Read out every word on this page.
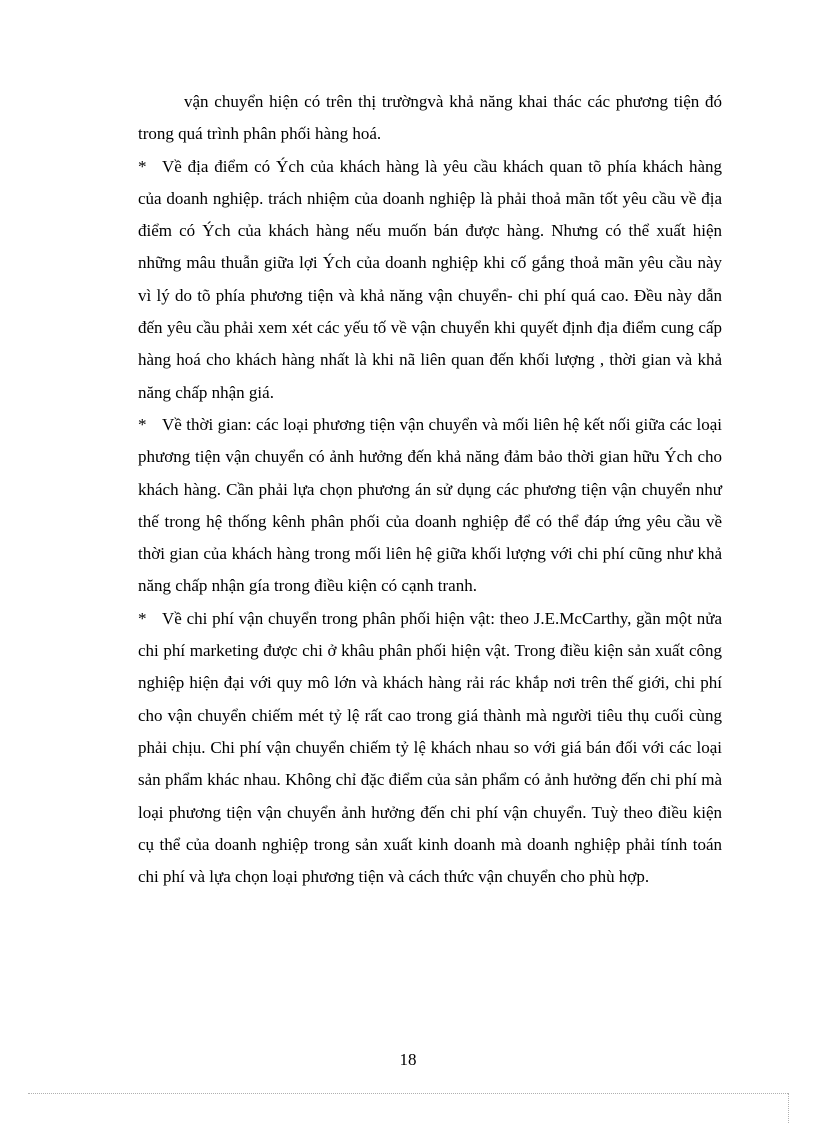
vận chuyển hiện có trên thị trườngvà khả năng khai thác các phương tiện đó trong quá trình phân phối hàng hoá.

* Về địa điểm có Ých của khách hàng là yêu cầu khách quan tõ phía khách hàng của doanh nghiệp. trách nhiệm của doanh nghiệp là phải thoả mãn tốt yêu cầu về địa điểm có Ých của khách hàng nếu muốn bán được hàng. Nhưng có thể xuất hiện những mâu thuẫn giữa lợi Ých của doanh nghiệp khi cố gắng thoả mãn yêu cầu này vì lý do tõ phía phương tiện và khả năng vận chuyển- chi phí quá cao. Đều này dẫn đến yêu cầu phải xem xét các yếu tố về vận chuyển khi quyết định địa điểm cung cấp hàng hoá cho khách hàng nhất là khi nã liên quan đến khối lượng , thời gian và khả năng chấp nhận giá.

* Về thời gian: các loại phương tiện vận chuyển và mối liên hệ kết nối giữa các loại phương tiện vận chuyển có ảnh hưởng đến khả năng đảm bảo thời gian hữu Ých cho khách hàng. Cần phải lựa chọn phương án sử dụng các phương tiện vận chuyển như thế trong hệ thống kênh phân phối của doanh nghiệp để có thể đáp ứng yêu cầu về thời gian của khách hàng trong mối liên hệ giữa khối lượng với chi phí cũng như khả năng chấp nhận gía trong điều kiện có cạnh tranh.

* Về chi phí vận chuyển trong phân phối hiện vật: theo J.E.McCarthy, gần một nửa chi phí marketing được chi ở khâu phân phối hiện vật. Trong điều kiện sản xuất công nghiệp hiện đại với quy mô lớn và khách hàng rải rác khắp nơi trên thế giới, chi phí cho vận chuyển chiếm mét tỷ lệ rất cao trong giá thành mà người tiêu thụ cuối cùng phải chịu. Chi phí vận chuyển chiếm tỷ lệ khách nhau so với giá bán đối với các loại sản phẩm khác nhau. Không chỉ đặc điểm của sản phẩm có ảnh hưởng đến chi phí mà loại phương tiện vận chuyển ảnh hưởng đến chi phí vận chuyển. Tuỳ theo điều kiện cụ thể của doanh nghiệp trong sản xuất kinh doanh mà doanh nghiệp phải tính toán chi phí và lựa chọn loại phương tiện và cách thức vận chuyển cho phù hợp.

18
